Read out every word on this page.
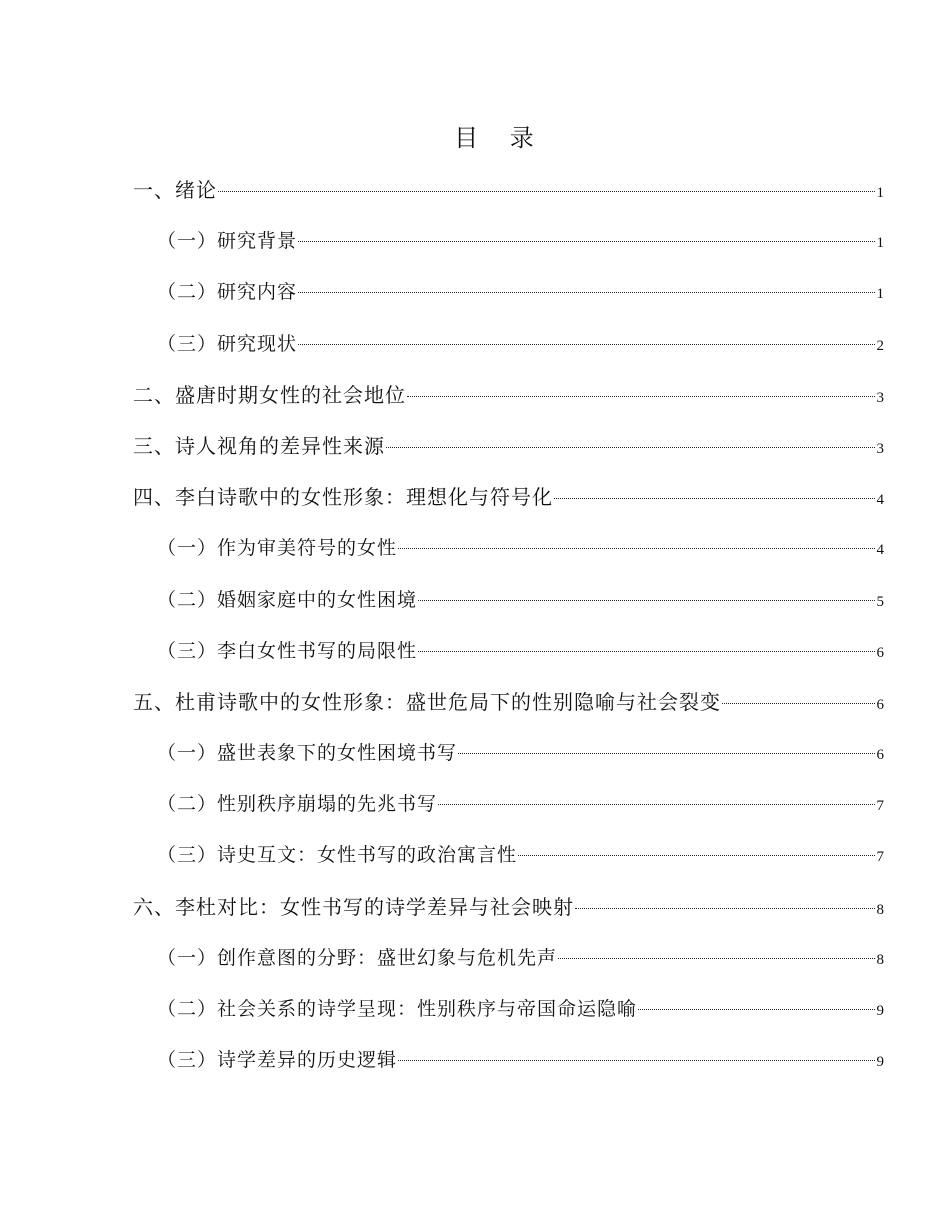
目 录
一、绪论	1
（一）研究背景	1
（二）研究内容	1
（三）研究现状	2
二、盛唐时期女性的社会地位	3
三、诗人视角的差异性来源	3
四、李白诗歌中的女性形象：理想化与符号化	4
（一）作为审美符号的女性	4
（二）婚姻家庭中的女性困境	5
（三）李白女性书写的局限性	6
五、杜甫诗歌中的女性形象：盛世危局下的性别隐喻与社会裂变	6
（一）盛世表象下的女性困境书写	6
（二）性别秩序崩塌的先兆书写	7
（三）诗史互文：女性书写的政治寓言性	7
六、李杜对比：女性书写的诗学差异与社会映射	8
（一）创作意图的分野：盛世幻象与危机先声	8
（二）社会关系的诗学呈现：性别秩序与帝国命运隐喻	9
（三）诗学差异的历史逻辑	9
